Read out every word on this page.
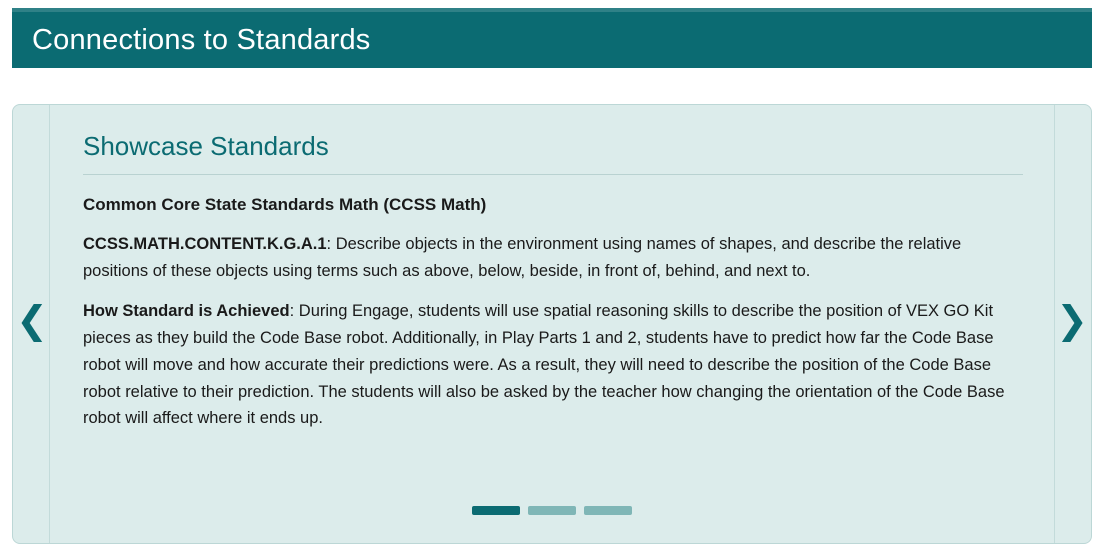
Connections to Standards
❮	❯
Showcase Standards

Common Core State Standards Math (CCSS Math)

CCSS.MATH.CONTENT.K.G.A.1: Describe objects in the environment using names of shapes, and describe the relative positions of these objects using terms such as above, below, beside, in front of, behind, and next to.

How Standard is Achieved: During Engage, students will use spatial reasoning skills to describe the position of VEX GO Kit pieces as they build the Code Base robot. Additionally, in Play Parts 1 and 2, students have to predict how far the Code Base robot will move and how accurate their predictions were. As a result, they will need to describe the position of the Code Base robot relative to their prediction. The students will also be asked by the teacher how changing the orientation of the Code Base robot will affect where it ends up.
